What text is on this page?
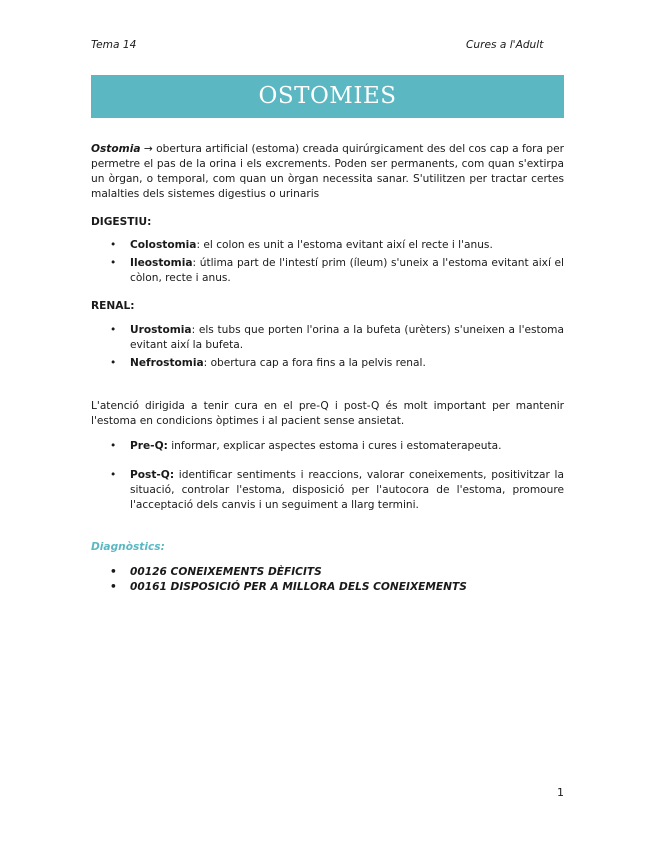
Tema 14	Cures a l'Adult
OSTOMIES

Ostomia → obertura artificial (estoma) creada quirúrgicament des del cos cap a fora per permetre el pas de la orina i els excrements. Poden ser permanents, com quan s'extirpa un òrgan, o temporal, com quan un òrgan necessita sanar. S'utilitzen per tractar certes malalties dels sistemes digestius o urinaris

DIGESTIU:
• Colostomia: el colon es unit a l'estoma evitant així el recte i l'anus.
• Ileostomia: útlima part de l'intestí prim (íleum) s'uneix a l'estoma evitant així el còlon, recte i anus.
RENAL:
• Urostomia: els tubs que porten l'orina a la bufeta (urèters) s'uneixen a l'estoma evitant així la bufeta.
• Nefrostomia: obertura cap a fora fins a la pelvis renal.

L'atenció dirigida a tenir cura en el pre-Q i post-Q és molt important per mantenir l'estoma en condicions òptimes i al pacient sense ansietat.

• Pre-Q: informar, explicar aspectes estoma i cures i estomaterapeuta.
• Post-Q: identificar sentiments i reaccions, valorar coneixements, positivitzar la situació, controlar l'estoma, disposició per l'autocora de l'estoma, promoure l'acceptació dels canvis i un seguiment a llarg termini.
Diagnòstics:
• 00126 CONEIXEMENTS DÈFICITS
• 00161 DISPOSICIÓ PER A MILLORA DELS CONEIXEMENTS
1
